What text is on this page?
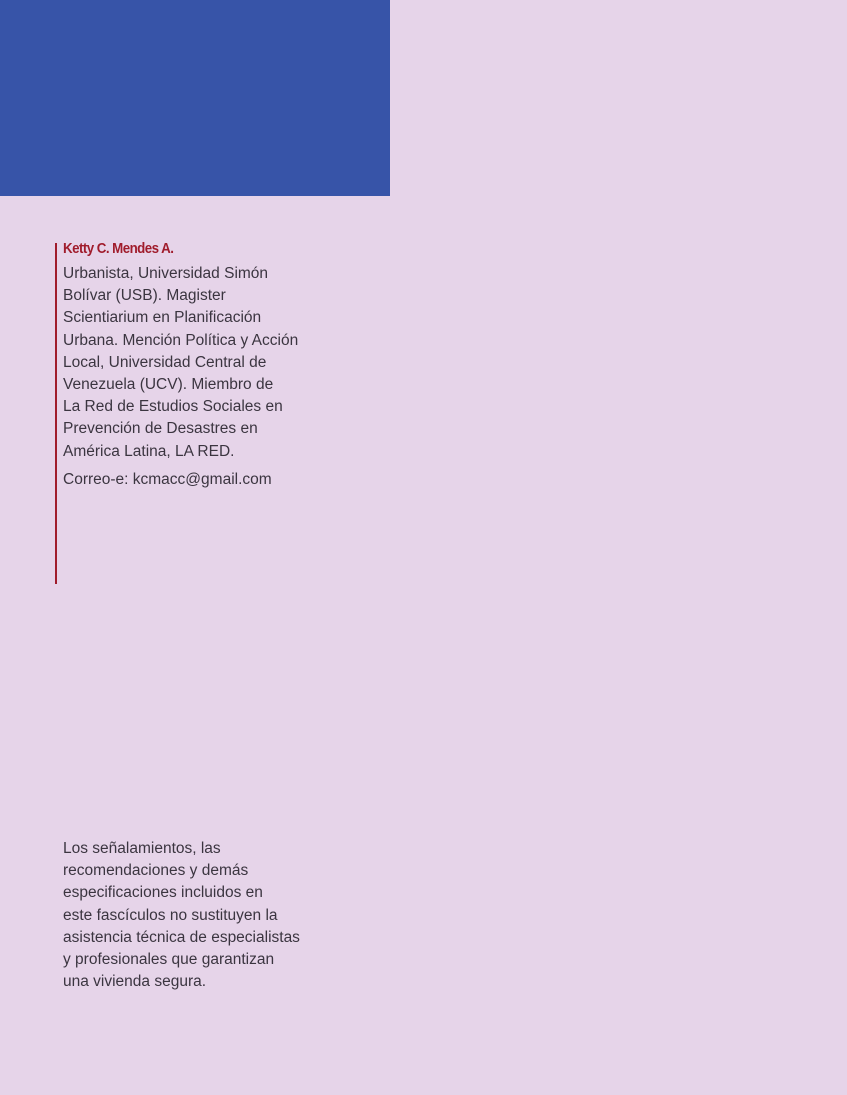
Ketty C. Mendes A.

Urbanista, Universidad Simón
Bolívar (USB). Magister
Scientiarium en Planificación
Urbana. Mención Política y Acción
Local, Universidad Central de
Venezuela (UCV). Miembro de
La Red de Estudios Sociales en
Prevención de Desastres en
América Latina, LA RED.

Correo-e: kcmacc@gmail.com

Los señalamientos, las
recomendaciones y demás
especificaciones incluidos en
este fascículos no sustituyen la
asistencia técnica de especialistas
y profesionales que garantizan
una vivienda segura.
